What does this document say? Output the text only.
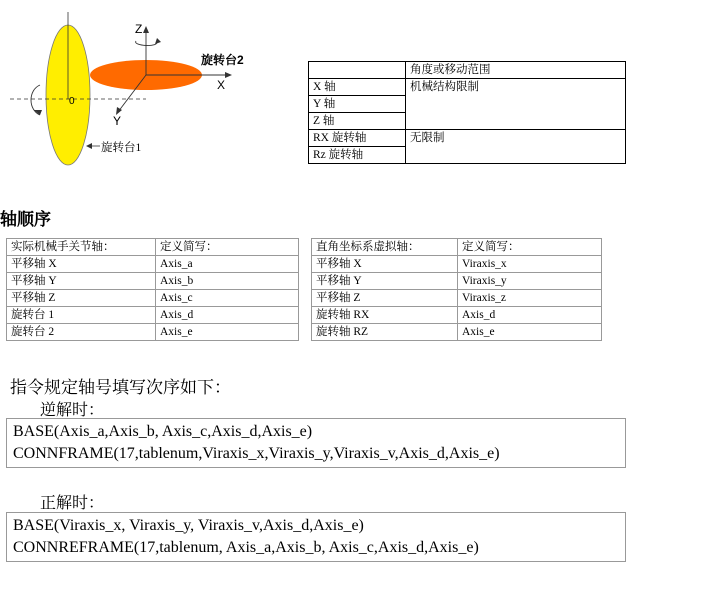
Z
X
Y
0
旋转台2
旋转台1
	角度或移动范围
X 轴	机械结构限制
Y 轴	
Z 轴	
RX 旋转轴	无限制
Rz 旋转轴	
轴顺序
实际机械手关节轴：	定义简写：
平移轴 X	Axis_a
平移轴 Y	Axis_b
平移轴 Z	Axis_c
旋转台 1	Axis_d
旋转台 2	Axis_e
直角坐标系虚拟轴：	定义简写：
平移轴 X	Viraxis_x
平移轴 Y	Viraxis_y
平移轴 Z	Viraxis_z
旋转轴 RX	Axis_d
旋转轴 RZ	Axis_e
指令规定轴号填写次序如下：
逆解时：
BASE(Axis_a,Axis_b, Axis_c,Axis_d,Axis_e)
CONNFRAME(17,tablenum,Viraxis_x,Viraxis_y,Viraxis_v,Axis_d,Axis_e)
正解时：
BASE(Viraxis_x, Viraxis_y, Viraxis_v,Axis_d,Axis_e)
CONNREFRAME(17,tablenum, Axis_a,Axis_b, Axis_c,Axis_d,Axis_e)
